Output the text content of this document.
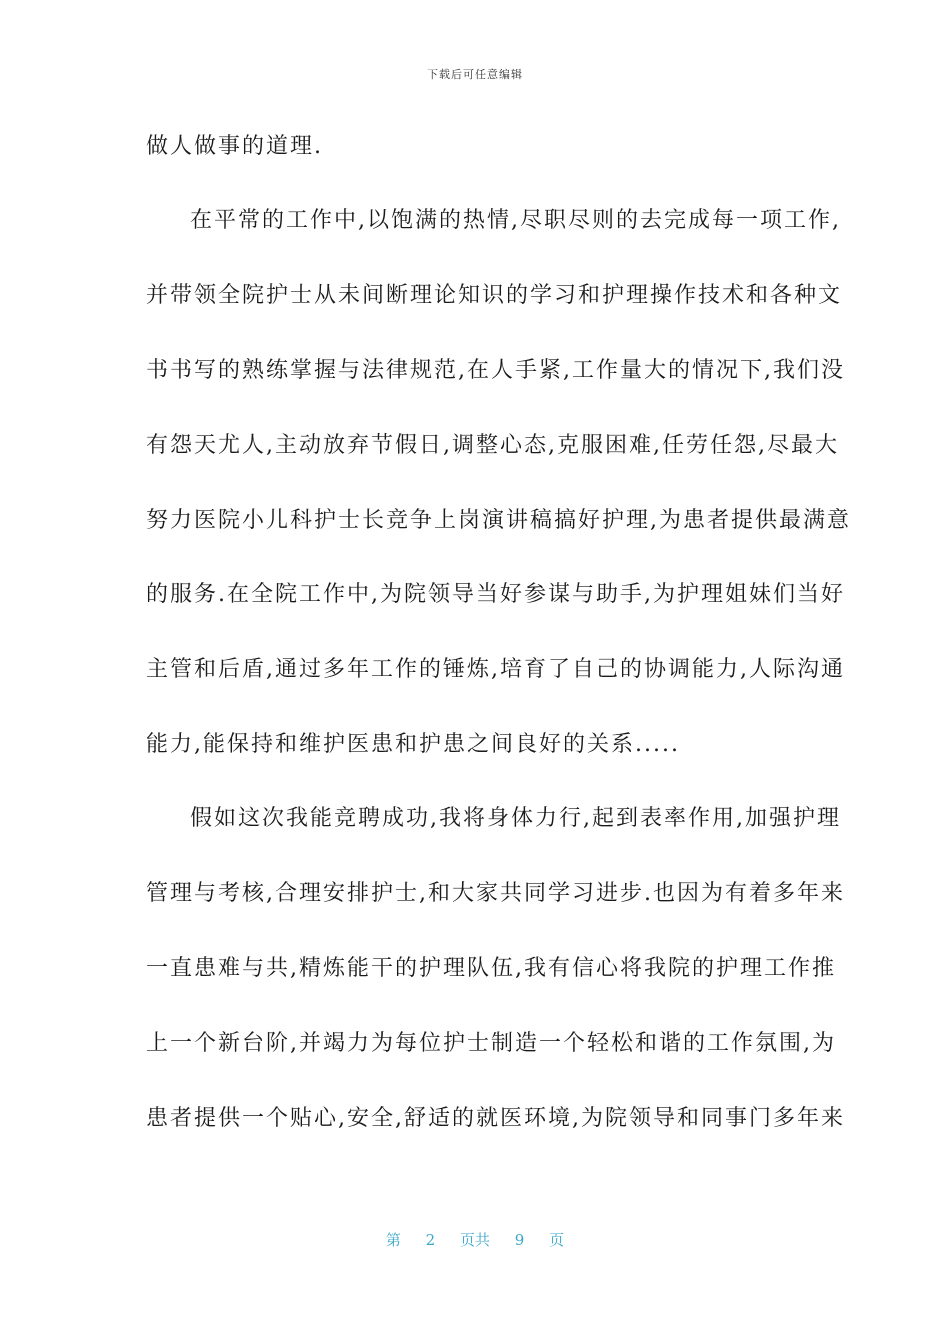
下载后可任意编辑
做人做事的道理.
在平常的工作中,以饱满的热情,尽职尽则的去完成每一项工作,
并带领全院护士从未间断理论知识的学习和护理操作技术和各种文
书书写的熟练掌握与法律规范,在人手紧,工作量大的情况下,我们没
有怨天尤人,主动放弃节假日,调整心态,克服困难,任劳任怨,尽最大
努力医院小儿科护士长竞争上岗演讲稿搞好护理,为患者提供最满意
的服务.在全院工作中,为院领导当好参谋与助手,为护理姐妹们当好
主管和后盾,通过多年工作的锤炼,培育了自己的协调能力,人际沟通
能力,能保持和维护医患和护患之间良好的关系.....
假如这次我能竞聘成功,我将身体力行,起到表率作用,加强护理
管理与考核,合理安排护士,和大家共同学习进步.也因为有着多年来
一直患难与共,精炼能干的护理队伍,我有信心将我院的护理工作推
上一个新台阶,并竭力为每位护士制造一个轻松和谐的工作氛围,为
患者提供一个贴心,安全,舒适的就医环境,为院领导和同事门多年来
第 2 页共 9 页
